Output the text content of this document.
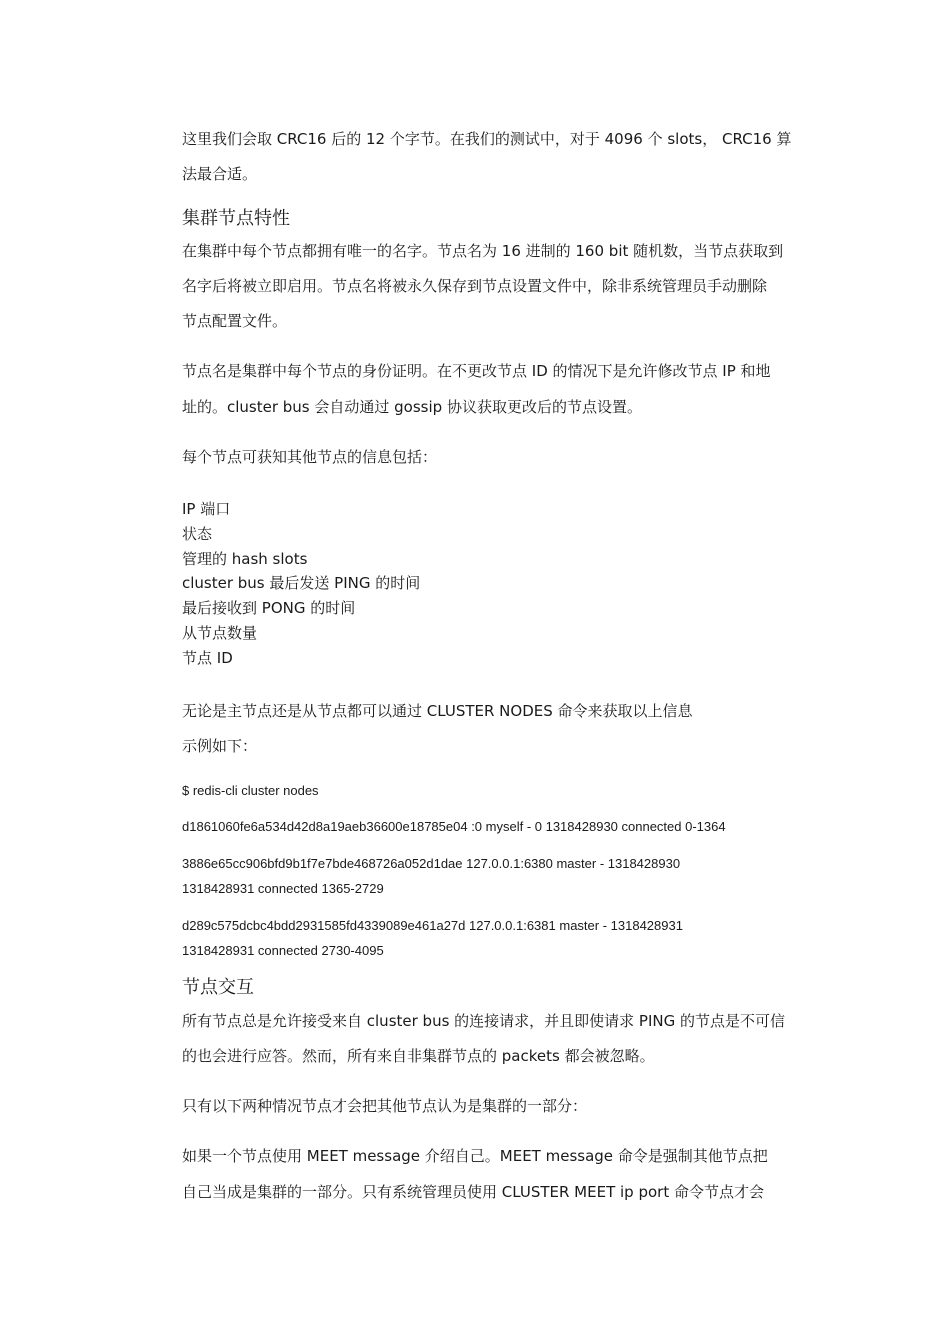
这里我们会取 CRC16 后的 12 个字节。在我们的测试中，对于 4096 个 slots， CRC16 算

法最合适。

集群节点特性

在集群中每个节点都拥有唯一的名字。节点名为 16 进制的 160 bit 随机数，当节点获取到

名字后将被立即启用。节点名将被永久保存到节点设置文件中，除非系统管理员手动删除

节点配置文件。

节点名是集群中每个节点的身份证明。在不更改节点 ID 的情况下是允许修改节点 IP 和地

址的。cluster bus 会自动通过 gossip 协议获取更改后的节点设置。

每个节点可获知其他节点的信息包括：

IP 端口

状态

管理的 hash slots

cluster bus 最后发送 PING 的时间

最后接收到 PONG 的时间

从节点数量

节点 ID

无论是主节点还是从节点都可以通过 CLUSTER NODES 命令来获取以上信息

示例如下：

$ redis-cli cluster nodes

d1861060fe6a534d42d8a19aeb36600e18785e04 :0 myself - 0 1318428930 connected 0-1364

3886e65cc906bfd9b1f7e7bde468726a052d1dae 127.0.0.1:6380 master - 1318428930

1318428931 connected 1365-2729

d289c575dcbc4bdd2931585fd4339089e461a27d 127.0.0.1:6381 master - 1318428931

1318428931 connected 2730-4095

节点交互

所有节点总是允许接受来自 cluster bus 的连接请求，并且即使请求 PING 的节点是不可信

的也会进行应答。然而，所有来自非集群节点的 packets 都会被忽略。

只有以下两种情况节点才会把其他节点认为是集群的一部分：

如果一个节点使用 MEET message 介绍自己。MEET message 命令是强制其他节点把

自己当成是集群的一部分。只有系统管理员使用 CLUSTER MEET ip port 命令节点才会
